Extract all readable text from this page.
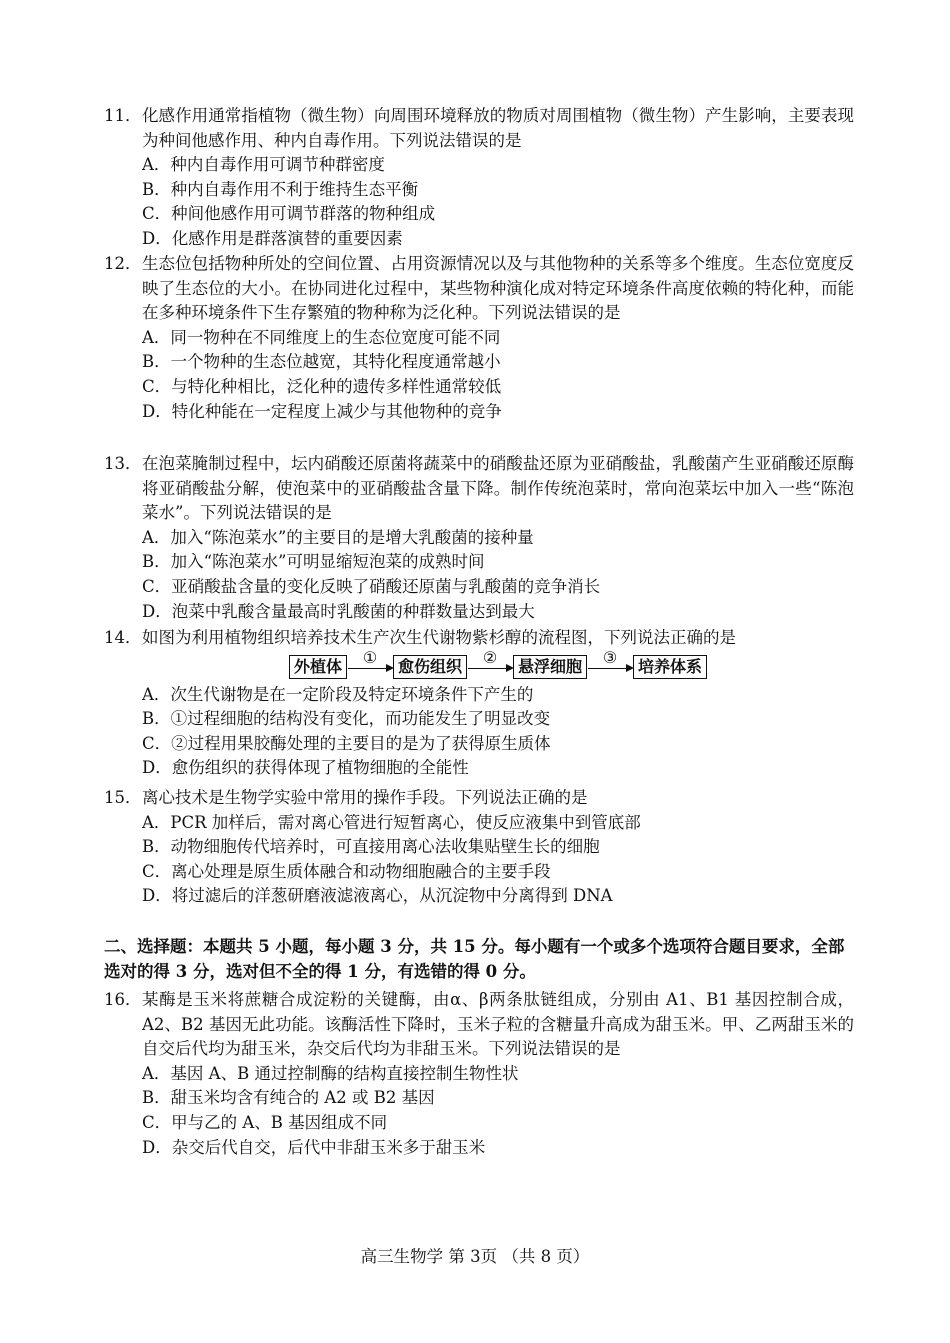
11． 化感作用通常指植物（微生物）向周围环境释放的物质对周围植物（微生物）产生影响，主要表现为种间他感作用、种内自毒作用。下列说法错误的是
A．种内自毒作用可调节种群密度
B．种内自毒作用不利于维持生态平衡
C．种间他感作用可调节群落的物种组成
D．化感作用是群落演替的重要因素
12． 生态位包括物种所处的空间位置、占用资源情况以及与其他物种的关系等多个维度。生态位宽度反映了生态位的大小。在协同进化过程中，某些物种演化成对特定环境条件高度依赖的特化种，而能在多种环境条件下生存繁殖的物种称为泛化种。下列说法错误的是
A．同一物种在不同维度上的生态位宽度可能不同
B．一个物种的生态位越宽，其特化程度通常越小
C．与特化种相比，泛化种的遗传多样性通常较低
D．特化种能在一定程度上减少与其他物种的竞争
13． 在泡菜腌制过程中，坛内硝酸还原菌将蔬菜中的硝酸盐还原为亚硝酸盐，乳酸菌产生亚硝酸还原酶将亚硝酸盐分解，使泡菜中的亚硝酸盐含量下降。制作传统泡菜时，常向泡菜坛中加入一些“陈泡菜水”。下列说法错误的是
A．加入“陈泡菜水”的主要目的是增大乳酸菌的接种量
B．加入“陈泡菜水”可明显缩短泡菜的成熟时间
C．亚硝酸盐含量的变化反映了硝酸还原菌与乳酸菌的竞争消长
D．泡菜中乳酸含量最高时乳酸菌的种群数量达到最大
14． 如图为利用植物组织培养技术生产次生代谢物紫杉醇的流程图，下列说法正确的是
外植体	①	愈伤组织	②	悬浮细胞	③	培养体系
A．次生代谢物是在一定阶段及特定环境条件下产生的
B．①过程细胞的结构没有变化，而功能发生了明显改变
C．②过程用果胶酶处理的主要目的是为了获得原生质体
D．愈伤组织的获得体现了植物细胞的全能性
15． 离心技术是生物学实验中常用的操作手段。下列说法正确的是
A．PCR 加样后，需对离心管进行短暂离心，使反应液集中到管底部
B．动物细胞传代培养时，可直接用离心法收集贴壁生长的细胞
C．离心处理是原生质体融合和动物细胞融合的主要手段
D．将过滤后的洋葱研磨液滤液离心，从沉淀物中分离得到 DNA
二、选择题：本题共 5 小题，每小题 3 分，共 15 分。每小题有一个或多个选项符合题目要求，全部选对的得 3 分，选对但不全的得 1 分，有选错的得 0 分。
16． 某酶是玉米将蔗糖合成淀粉的关键酶，由α、β两条肽链组成，分别由 A1、B1 基因控制合成，A2、B2 基因无此功能。该酶活性下降时，玉米子粒的含糖量升高成为甜玉米。甲、乙两甜玉米的自交后代均为甜玉米，杂交后代均为非甜玉米。下列说法错误的是
A．基因 A、B 通过控制酶的结构直接控制生物性状
B．甜玉米均含有纯合的 A2 或 B2 基因
C．甲与乙的 A、B 基因组成不同
D．杂交后代自交，后代中非甜玉米多于甜玉米
高三生物学 第 3页 （共 8 页）
